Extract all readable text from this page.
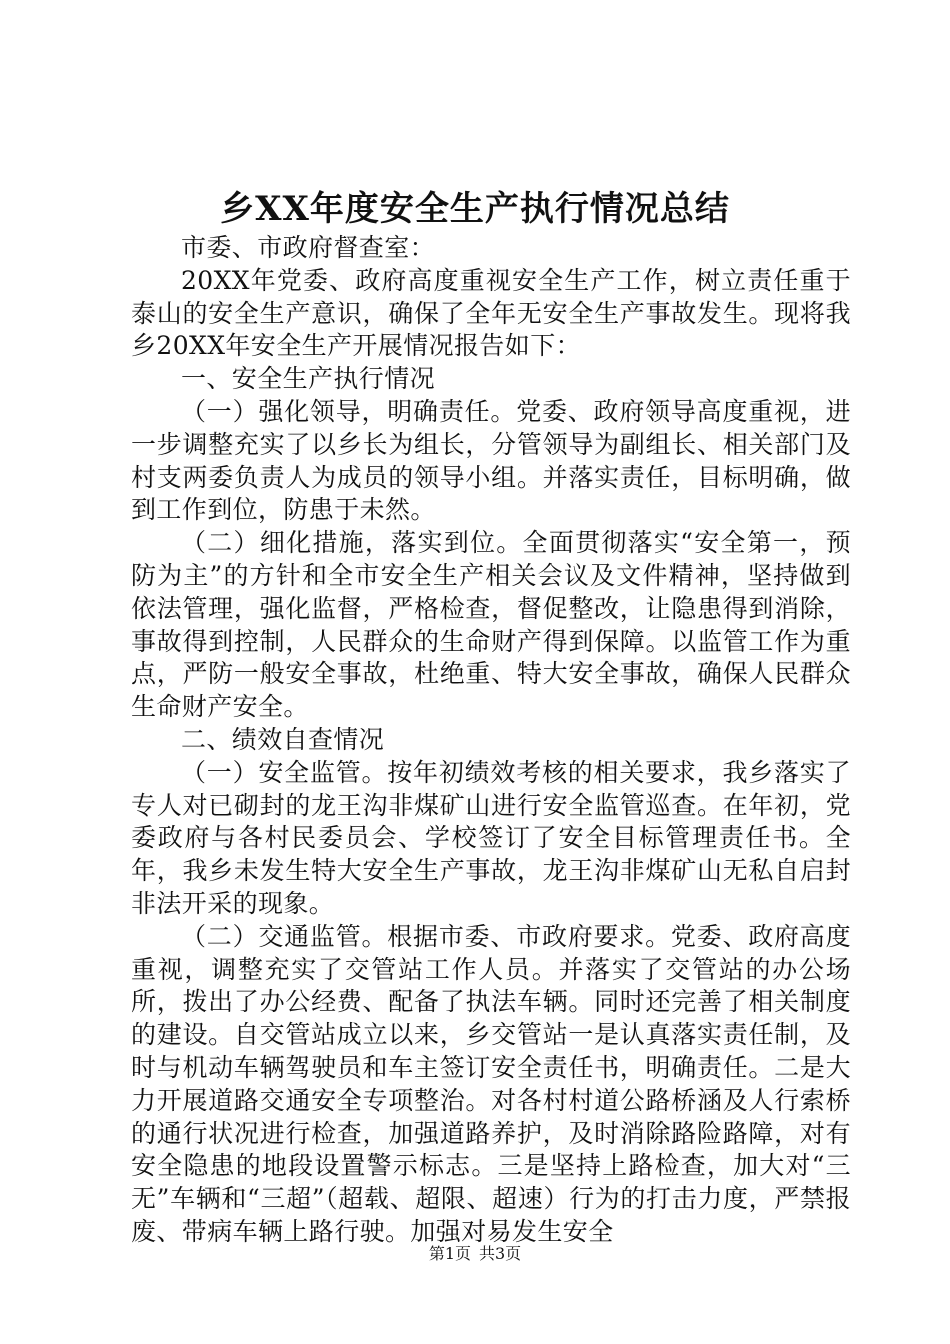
乡XX年度安全生产执行情况总结

市委、市政府督查室：

20XX年党委、政府高度重视安全生产工作，树立责任重于泰山的安全生产意识，确保了全年无安全生产事故发生。现将我乡20XX年安全生产开展情况报告如下：

一、安全生产执行情况

（一）强化领导，明确责任。党委、政府领导高度重视，进一步调整充实了以乡长为组长，分管领导为副组长、相关部门及村支两委负责人为成员的领导小组。并落实责任，目标明确，做到工作到位，防患于未然。

（二）细化措施，落实到位。全面贯彻落实“安全第一，预防为主”的方针和全市安全生产相关会议及文件精神，坚持做到依法管理，强化监督，严格检查，督促整改，让隐患得到消除，事故得到控制，人民群众的生命财产得到保障。以监管工作为重点，严防一般安全事故，杜绝重、特大安全事故，确保人民群众生命财产安全。

二、绩效自查情况

（一）安全监管。按年初绩效考核的相关要求，我乡落实了专人对已砌封的龙王沟非煤矿山进行安全监管巡查。在年初，党委政府与各村民委员会、学校签订了安全目标管理责任书。全年，我乡未发生特大安全生产事故，龙王沟非煤矿山无私自启封非法开采的现象。

（二）交通监管。根据市委、市政府要求。党委、政府高度重视，调整充实了交管站工作人员。并落实了交管站的办公场所，拨出了办公经费、配备了执法车辆。同时还完善了相关制度的建设。自交管站成立以来，乡交管站一是认真落实责任制，及时与机动车辆驾驶员和车主签订安全责任书，明确责任。二是大力开展道路交通安全专项整治。对各村村道公路桥涵及人行索桥的通行状况进行检查，加强道路养护，及时消除路险路障，对有安全隐患的地段设置警示标志。三是坚持上路检查，加大对“三无”车辆和“三超”（超载、超限、超速）行为的打击力度，严禁报废、带病车辆上路行驶。加强对易发生安全

第1页 共3页
